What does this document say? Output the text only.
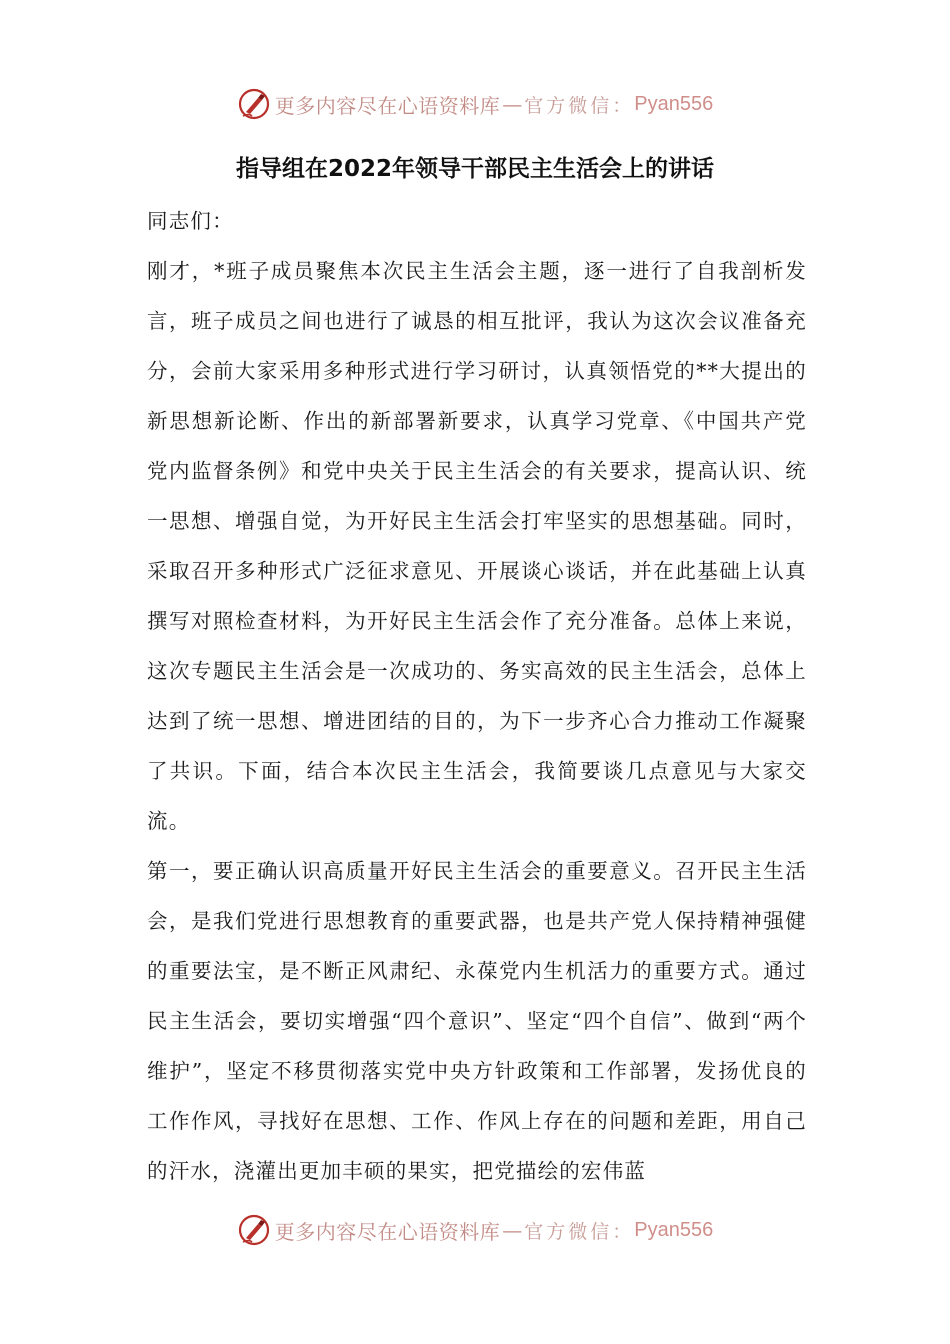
更多内容尽在心语资料库 — 官方微信： Pyan556
指导组在2022年领导干部民主生活会上的讲话

同志们：

刚才，*班子成员聚焦本次民主生活会主题，逐一进行了自我剖析发言，班子成员之间也进行了诚恳的相互批评，我认为这次会议准备充分，会前大家采用多种形式进行学习研讨，认真领悟党的**大提出的新思想新论断、作出的新部署新要求，认真学习党章、《中国共产党党内监督条例》和党中央关于民主生活会的有关要求，提高认识、统一思想、增强自觉，为开好民主生活会打牢坚实的思想基础。同时，采取召开多种形式广泛征求意见、开展谈心谈话，并在此基础上认真撰写对照检查材料，为开好民主生活会作了充分准备。总体上来说，这次专题民主生活会是一次成功的、务实高效的民主生活会，总体上达到了统一思想、增进团结的目的，为下一步齐心合力推动工作凝聚了共识。下面，结合本次民主生活会，我简要谈几点意见与大家交流。

第一，要正确认识高质量开好民主生活会的重要意义。召开民主生活会，是我们党进行思想教育的重要武器，也是共产党人保持精神强健的重要法宝，是不断正风肃纪、永葆党内生机活力的重要方式。通过民主生活会，要切实增强“四个意识”、坚定“四个自信”、做到“两个维护”，坚定不移贯彻落实党中央方针政策和工作部署，发扬优良的工作作风，寻找好在思想、工作、作风上存在的问题和差距，用自己的汗水，浇灌出更加丰硕的果实，把党描绘的宏伟蓝

更多内容尽在心语资料库 — 官方微信： Pyan556
